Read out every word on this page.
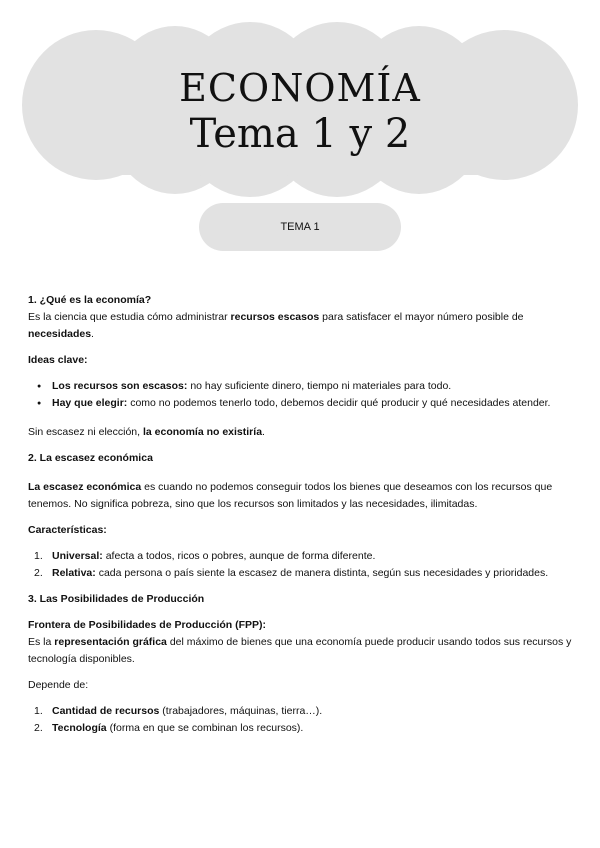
ECONOMÍA
Tema 1 y 2
TEMA 1

1. ¿Qué es la economía?

Es la ciencia que estudia cómo administrar recursos escasos para satisfacer el mayor número posible de necesidades.

Ideas clave:

● Los recursos son escasos: no hay suficiente dinero, tiempo ni materiales para todo.
● Hay que elegir: como no podemos tenerlo todo, debemos decidir qué producir y qué necesidades atender.

Sin escasez ni elección, la economía no existiría.

2. La escasez económica

La escasez económica es cuando no podemos conseguir todos los bienes que deseamos con los recursos que tenemos. No significa pobreza, sino que los recursos son limitados y las necesidades, ilimitadas.

Características:

1. Universal: afecta a todos, ricos o pobres, aunque de forma diferente.
2. Relativa: cada persona o país siente la escasez de manera distinta, según sus necesidades y prioridades.

3. Las Posibilidades de Producción

Frontera de Posibilidades de Producción (FPP):

Es la representación gráfica del máximo de bienes que una economía puede producir usando todos sus recursos y tecnología disponibles.

Depende de:

1. Cantidad de recursos (trabajadores, máquinas, tierra…).
2. Tecnología (forma en que se combinan los recursos).
